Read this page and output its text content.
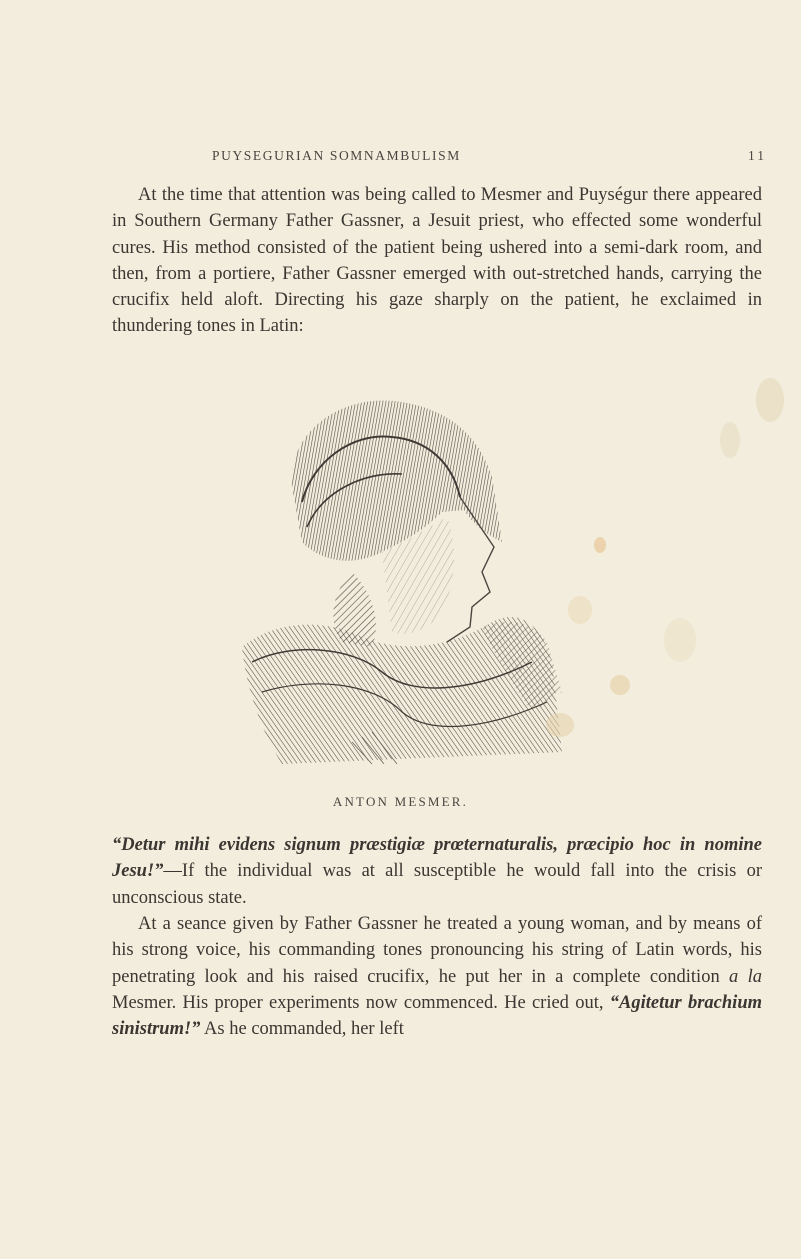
PUYSEGURIAN SOMNAMBULISM	11

At the time that attention was being called to Mesmer and Puységur there appeared in Southern Germany Father Gassner, a Jesuit priest, who effected some wonderful cures. His method consisted of the patient being ushered into a semi-dark room, and then, from a portiere, Father Gassner emerged with out-stretched hands, carrying the crucifix held aloft. Directing his gaze sharply on the patient, he exclaimed in thundering tones in Latin:

ANTON MESMER.

“Detur mihi evidens signum præstigiæ prœternaturalis, præcipio hoc in nomine Jesu!”—If the individual was at all susceptible he would fall into the crisis or unconscious state.

At a seance given by Father Gassner he treated a young woman, and by means of his strong voice, his commanding tones pronouncing his string of Latin words, his penetrating look and his raised crucifix, he put her in a complete condition a la Mesmer. His proper experiments now commenced. He cried out, “Agitetur brachium sinistrum!” As he commanded, her left
